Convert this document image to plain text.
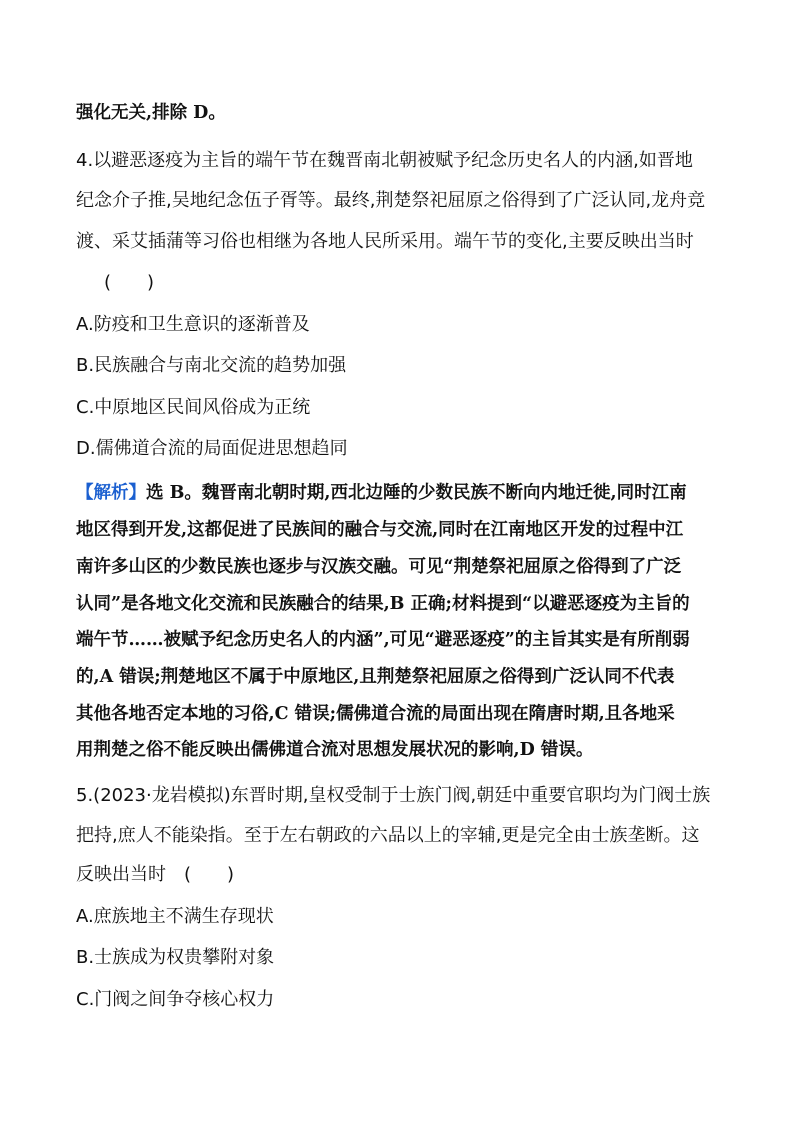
强化无关,排除 D。
4.以避恶逐疫为主旨的端午节在魏晋南北朝被赋予纪念历史名人的内涵,如晋地
纪念介子推,吴地纪念伍子胥等。最终,荆楚祭祀屈原之俗得到了广泛认同,龙舟竞
渡、采艾插蒲等习俗也相继为各地人民所采用。端午节的变化,主要反映出当时
(　　)
A.防疫和卫生意识的逐渐普及
B.民族融合与南北交流的趋势加强
C.中原地区民间风俗成为正统
D.儒佛道合流的局面促进思想趋同
【解析】选 B。魏晋南北朝时期,西北边陲的少数民族不断向内地迁徙,同时江南
地区得到开发,这都促进了民族间的融合与交流,同时在江南地区开发的过程中江
南许多山区的少数民族也逐步与汉族交融。可见“荆楚祭祀屈原之俗得到了广泛
认同”是各地文化交流和民族融合的结果,B 正确;材料提到“以避恶逐疫为主旨的
端午节……被赋予纪念历史名人的内涵”,可见“避恶逐疫”的主旨其实是有所削弱
的,A 错误;荆楚地区不属于中原地区,且荆楚祭祀屈原之俗得到广泛认同不代表
其他各地否定本地的习俗,C 错误;儒佛道合流的局面出现在隋唐时期,且各地采
用荆楚之俗不能反映出儒佛道合流对思想发展状况的影响,D 错误。
5.(2023·龙岩模拟)东晋时期,皇权受制于士族门阀,朝廷中重要官职均为门阀士族
把持,庶人不能染指。至于左右朝政的六品以上的宰辅,更是完全由士族垄断。这
反映出当时　(　　)
A.庶族地主不满生存现状
B.士族成为权贵攀附对象
C.门阀之间争夺核心权力
